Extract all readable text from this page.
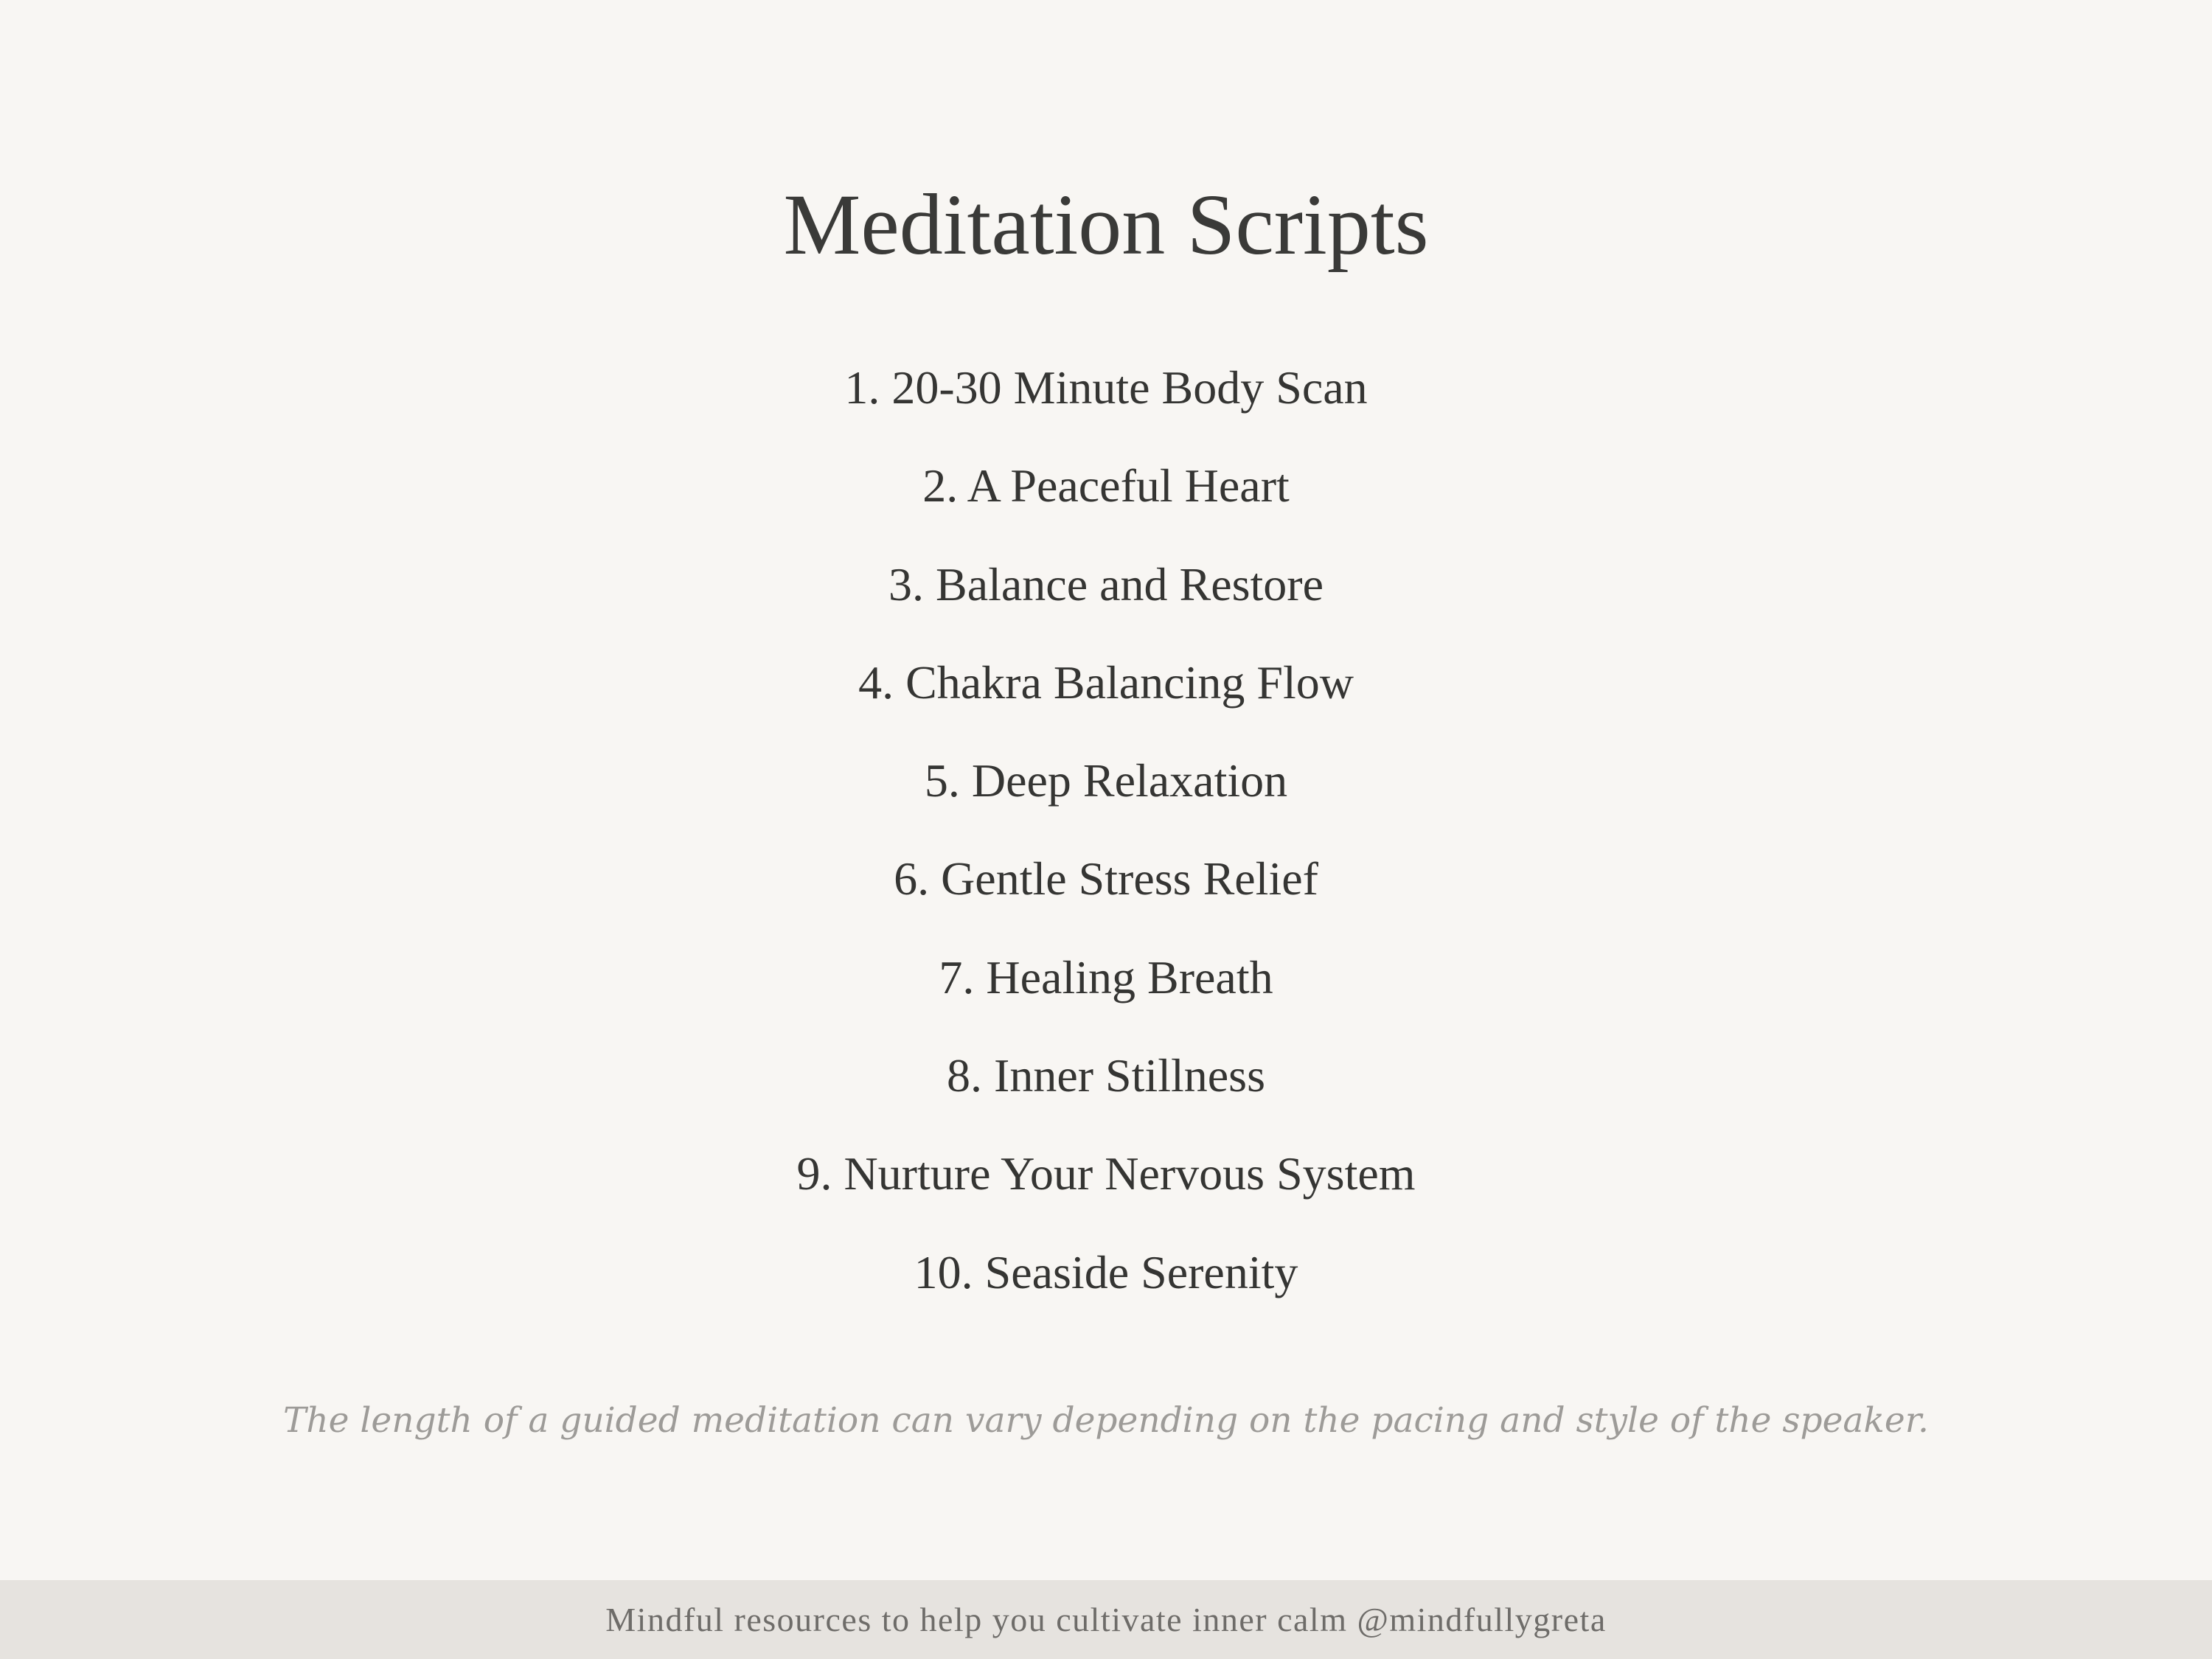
Meditation Scripts
1. 20-30 Minute Body Scan
2. A Peaceful Heart
3. Balance and Restore
4. Chakra Balancing Flow
5. Deep Relaxation
6. Gentle Stress Relief
7. Healing Breath
8. Inner Stillness
9. Nurture Your Nervous System
10. Seaside Serenity

The length of a guided meditation can vary depending on the pacing and style of the speaker.

Mindful resources to help you cultivate inner calm @mindfullygreta
